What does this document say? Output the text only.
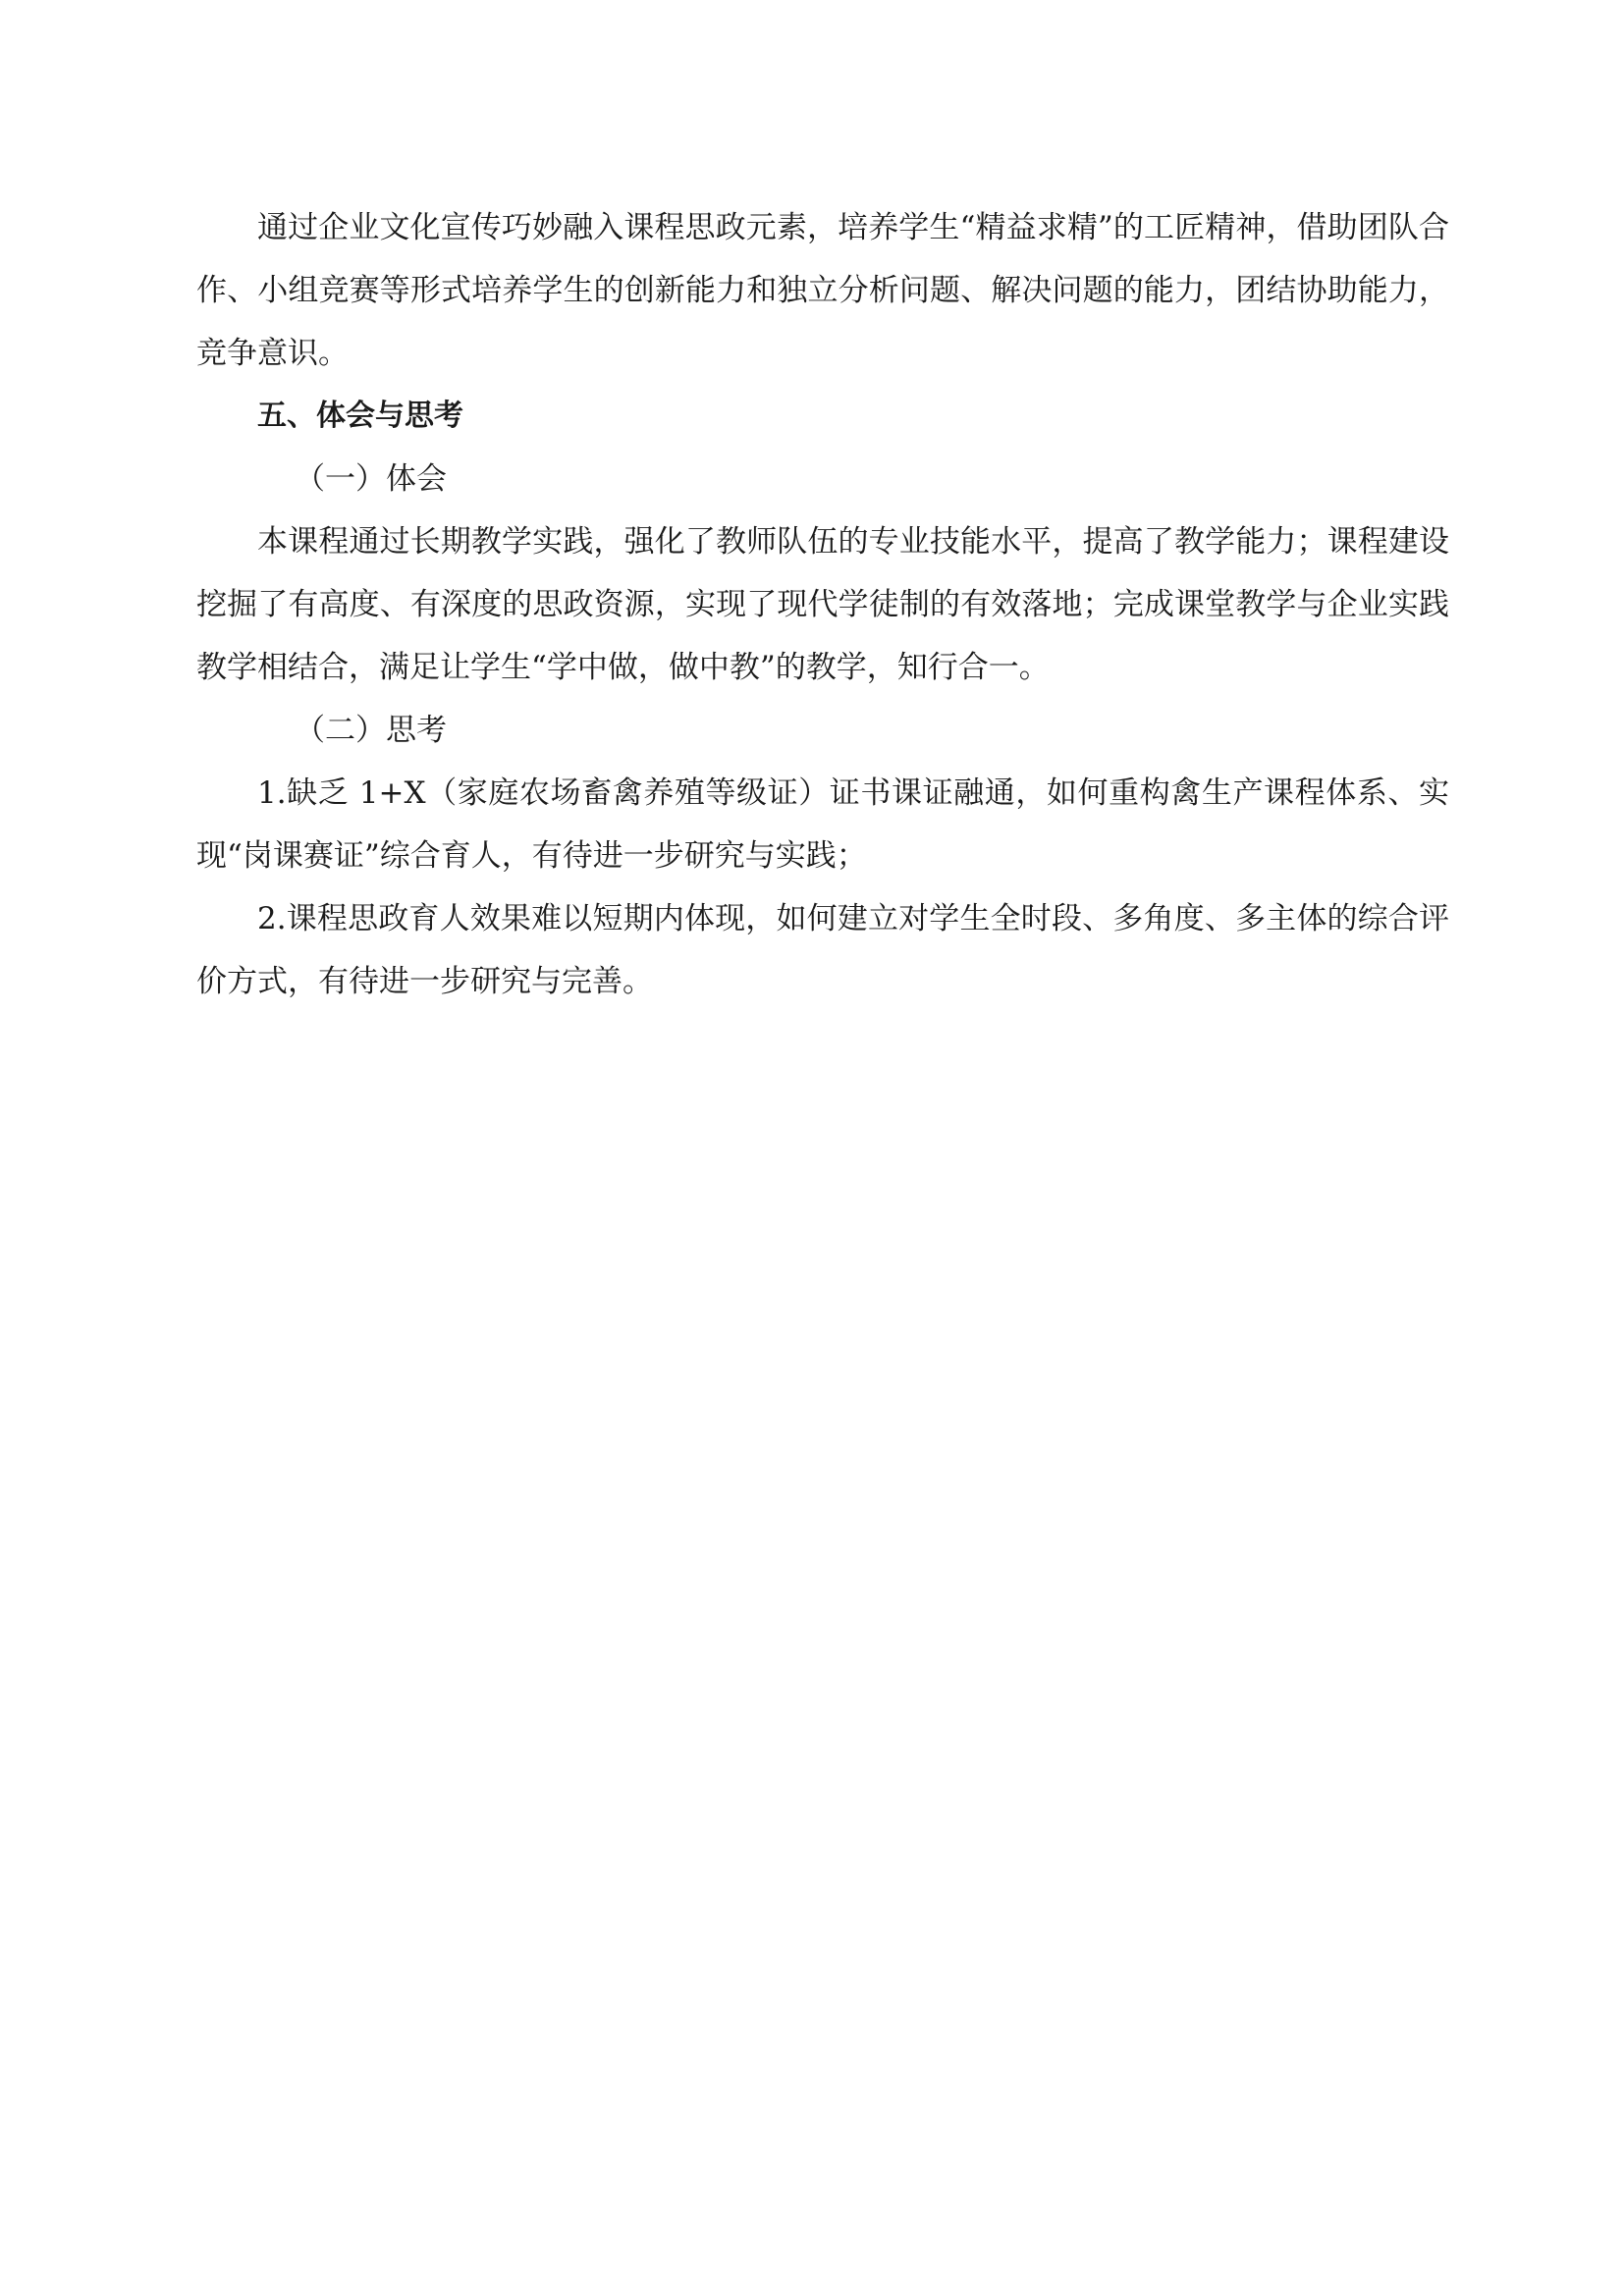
通过企业文化宣传巧妙融入课程思政元素，培养学生“精益求精”的工匠精神，借助团队合作、小组竞赛等形式培养学生的创新能力和独立分析问题、解决问题的能力，团结协助能力，竞争意识。

五、体会与思考

（一）体会

本课程通过长期教学实践，强化了教师队伍的专业技能水平，提高了教学能力；课程建设挖掘了有高度、有深度的思政资源，实现了现代学徒制的有效落地；完成课堂教学与企业实践教学相结合，满足让学生“学中做，做中教”的教学，知行合一。

（二）思考

1.缺乏 1+X（家庭农场畜禽养殖等级证）证书课证融通，如何重构禽生产课程体系、实现“岗课赛证”综合育人，有待进一步研究与实践；

2.课程思政育人效果难以短期内体现，如何建立对学生全时段、多角度、多主体的综合评价方式，有待进一步研究与完善。
